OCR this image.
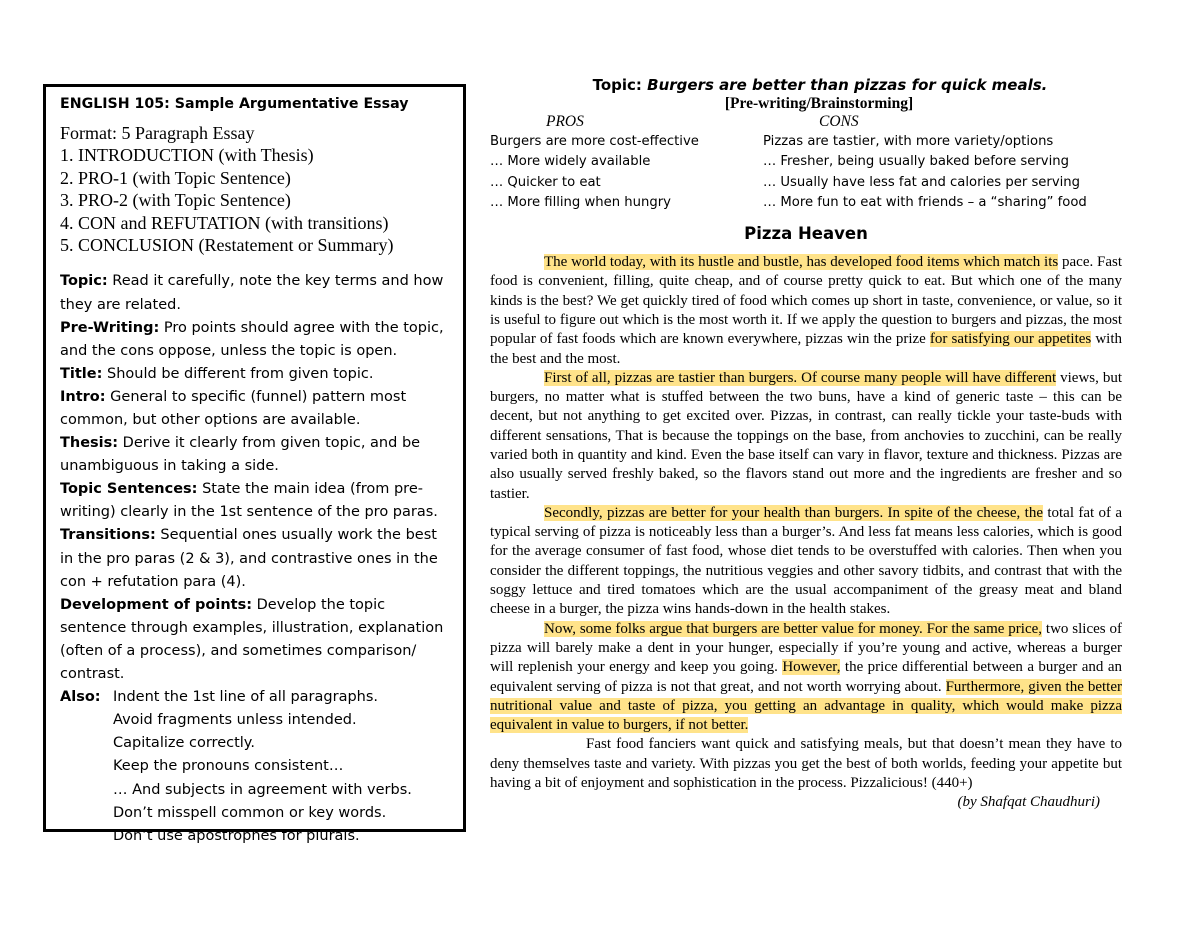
ENGLISH 105: Sample Argumentative Essay
Format: 5 Paragraph Essay
1. INTRODUCTION (with Thesis)
2. PRO-1 (with Topic Sentence)
3. PRO-2 (with Topic Sentence)
4. CON and REFUTATION (with transitions)
5. CONCLUSION (Restatement or Summary)
Topic: Read it carefully, note the key terms and how they are related.
Pre-Writing: Pro points should agree with the topic, and the cons oppose, unless the topic is open.
Title: Should be different from given topic.
Intro: General to specific (funnel) pattern most common, but other options are available.
Thesis: Derive it clearly from given topic, and be unambiguous in taking a side.
Topic Sentences: State the main idea (from pre-writing) clearly in the 1st sentence of the pro paras.
Transitions: Sequential ones usually work the best in the pro paras (2 & 3), and contrastive ones in the con + refutation para (4).
Development of points: Develop the topic sentence through examples, illustration, explanation (often of a process), and sometimes comparison/ contrast.
Also: Indent the 1st line of all paragraphs.
Avoid fragments unless intended.
Capitalize correctly.
Keep the pronouns consistent…
… And subjects in agreement with verbs.
Don’t misspell common or key words.
Don’t use apostrophes for plurals.
Topic: Burgers are better than pizzas for quick meals.
[Pre-writing/Brainstorming]
PROS
Burgers are more cost-effective
… More widely available
… Quicker to eat
… More filling when hungry
CONS
Pizzas are tastier, with more variety/options
… Fresher, being usually baked before serving
… Usually have less fat and calories per serving
… More fun to eat with friends – a “sharing” food
Pizza Heaven

The world today, with its hustle and bustle, has developed food items which match its pace. Fast food is convenient, filling, quite cheap, and of course pretty quick to eat. But which one of the many kinds is the best? We get quickly tired of food which comes up short in taste, convenience, or value, so it is useful to figure out which is the most worth it. If we apply the question to burgers and pizzas, the most popular of fast foods which are known everywhere, pizzas win the prize for satisfying our appetites with the best and the most.

First of all, pizzas are tastier than burgers. Of course many people will have different views, but burgers, no matter what is stuffed between the two buns, have a kind of generic taste – this can be decent, but not anything to get excited over. Pizzas, in contrast, can really tickle your taste-buds with different sensations, That is because the toppings on the base, from anchovies to zucchini, can be really varied both in quantity and kind. Even the base itself can vary in flavor, texture and thickness. Pizzas are also usually served freshly baked, so the flavors stand out more and the ingredients are fresher and so tastier.

Secondly, pizzas are better for your health than burgers. In spite of the cheese, the total fat of a typical serving of pizza is noticeably less than a burger’s. And less fat means less calories, which is good for the average consumer of fast food, whose diet tends to be overstuffed with calories. Then when you consider the different toppings, the nutritious veggies and other savory tidbits, and contrast that with the soggy lettuce and tired tomatoes which are the usual accompaniment of the greasy meat and bland cheese in a burger, the pizza wins hands-down in the health stakes.

Now, some folks argue that burgers are better value for money. For the same price, two slices of pizza will barely make a dent in your hunger, especially if you’re young and active, whereas a burger will replenish your energy and keep you going. However, the price differential between a burger and an equivalent serving of pizza is not that great, and not worth worrying about. Furthermore, given the better nutritional value and taste of pizza, you getting an advantage in quality, which would make pizza equivalent in value to burgers, if not better.

Fast food fanciers want quick and satisfying meals, but that doesn’t mean they have to deny themselves taste and variety. With pizzas you get the best of both worlds, feeding your appetite but having a bit of enjoyment and sophistication in the process. Pizzalicious! (440+)

(by Shafqat Chaudhuri)
